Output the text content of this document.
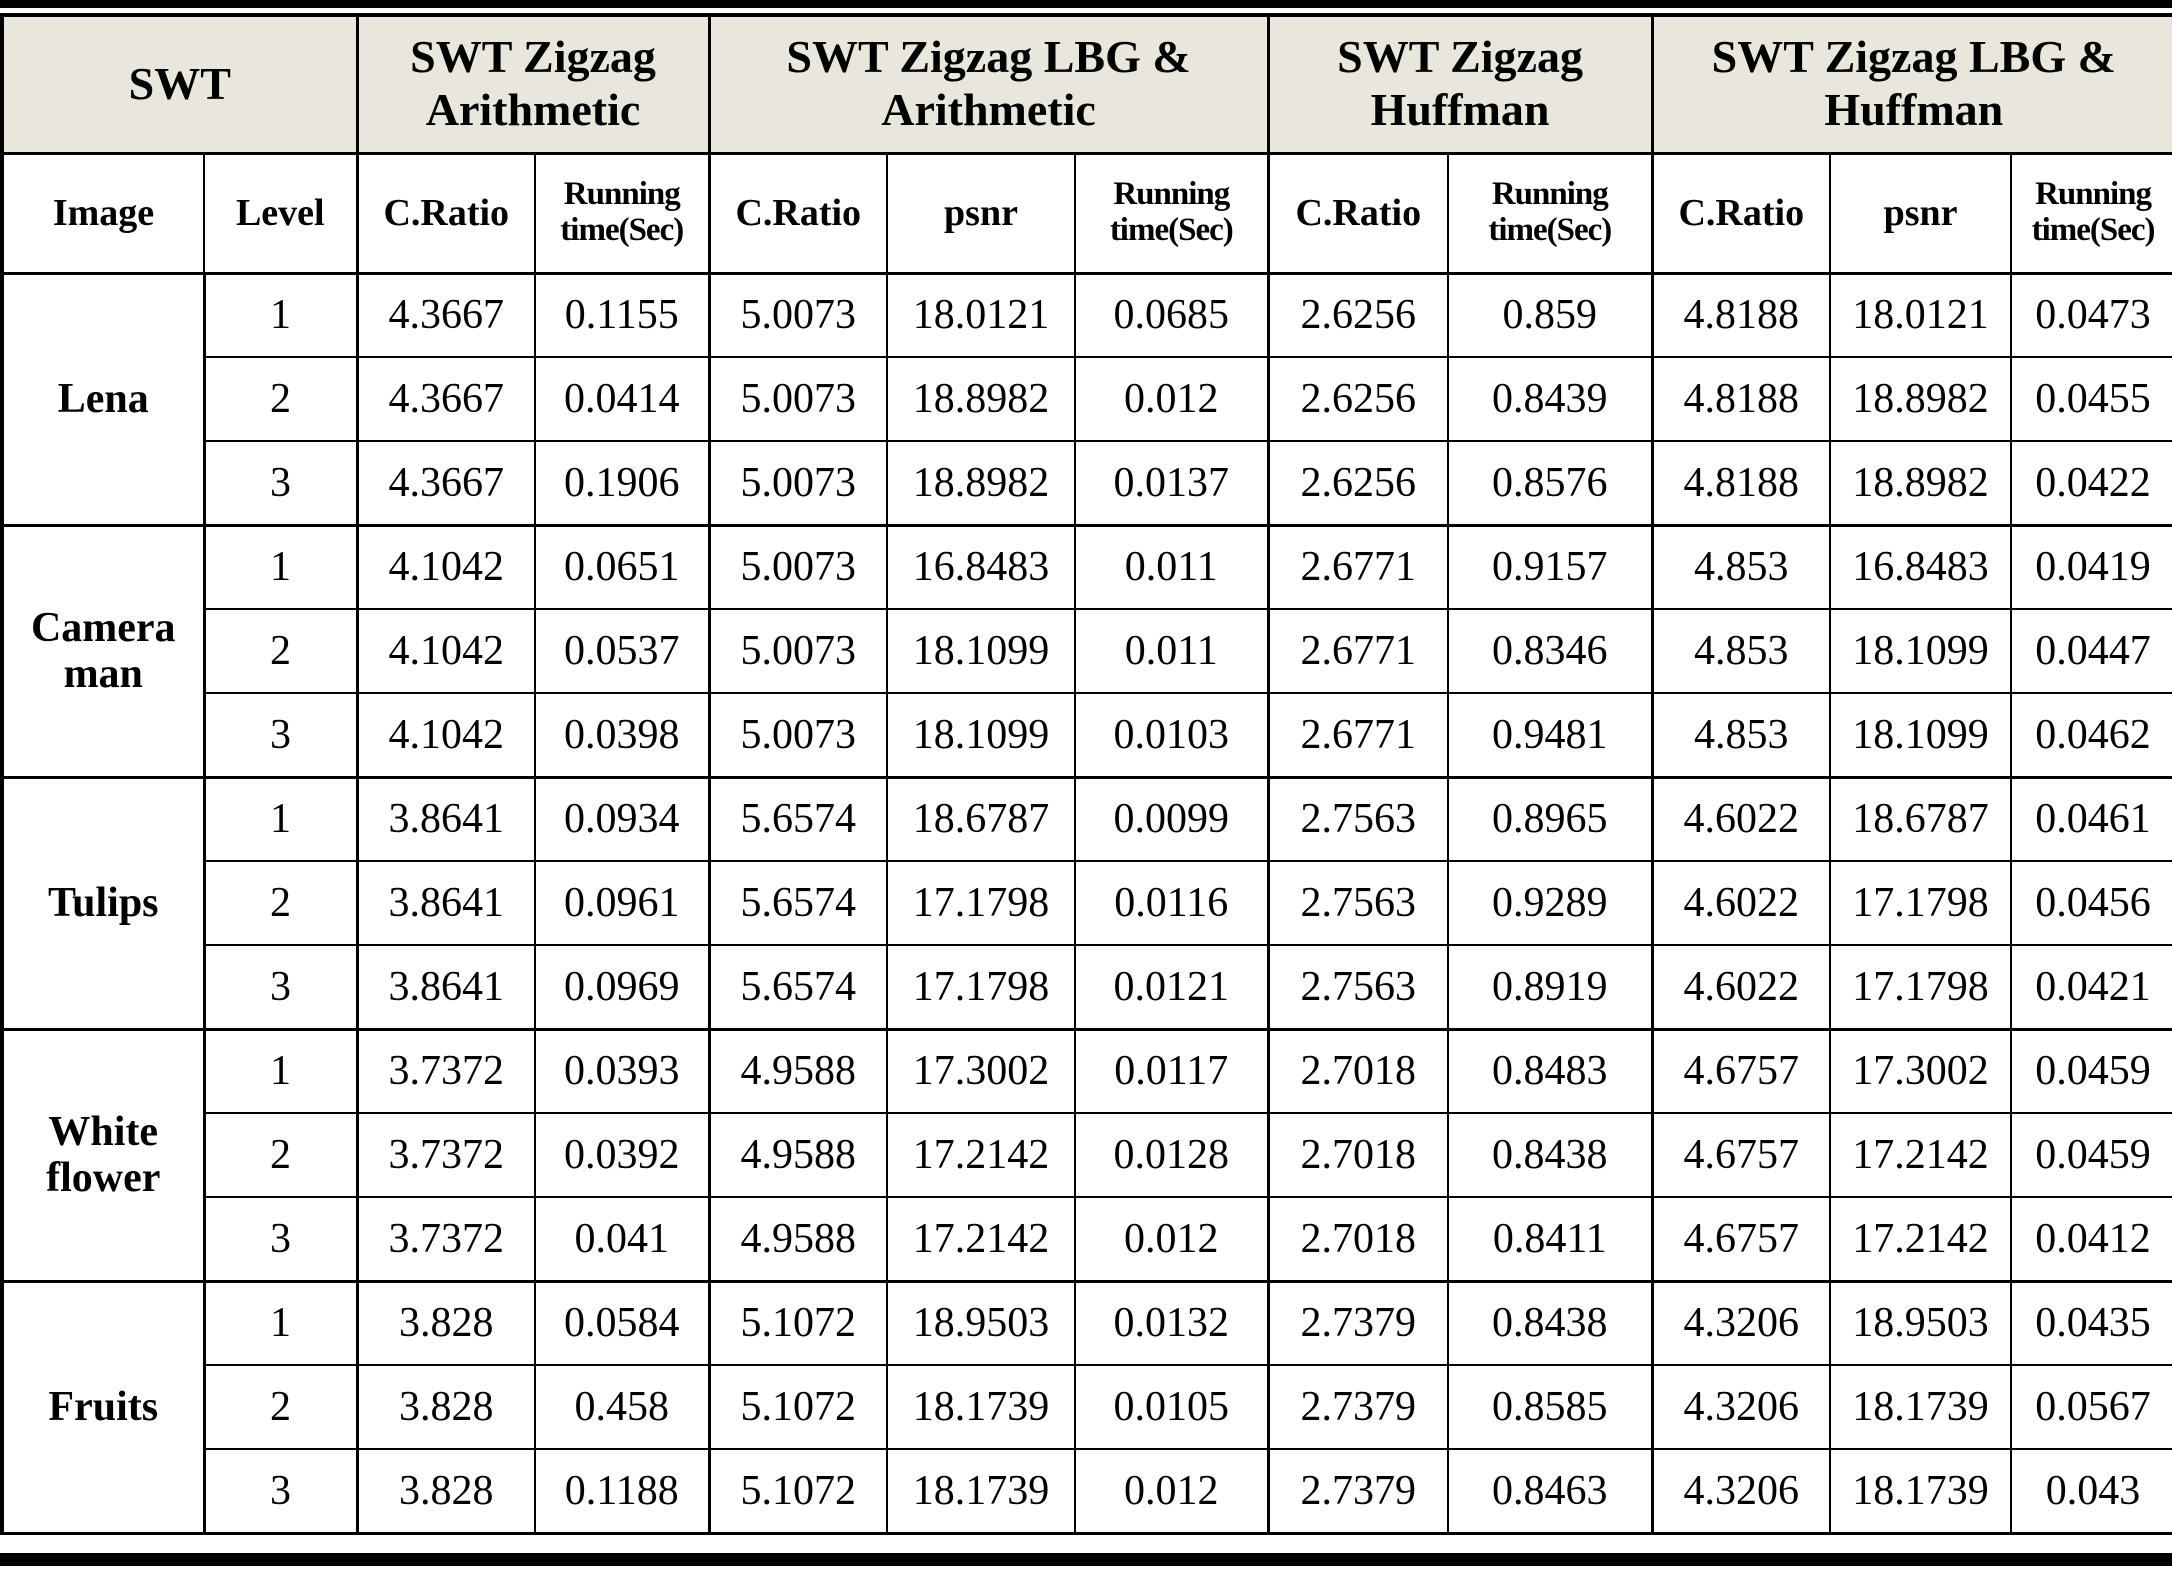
SWT		SWT Zigzag Arithmetic		SWT Zigzag LBG & Arithmetic			SWT Zigzag Huffman		SWT Zigzag LBG & Huffman		
Image	Level	C.Ratio	Running time(Sec)	C.Ratio	psnr	Running time(Sec)	C.Ratio	Running time(Sec)	C.Ratio	psnr	Running time(Sec)
Lena	1	4.3667	0.1155	5.0073	18.0121	0.0685	2.6256	0.859	4.8188	18.0121	0.0473
	2	4.3667	0.0414	5.0073	18.8982	0.012	2.6256	0.8439	4.8188	18.8982	0.0455
	3	4.3667	0.1906	5.0073	18.8982	0.0137	2.6256	0.8576	4.8188	18.8982	0.0422
Camera man	1	4.1042	0.0651	5.0073	16.8483	0.011	2.6771	0.9157	4.853	16.8483	0.0419
	2	4.1042	0.0537	5.0073	18.1099	0.011	2.6771	0.8346	4.853	18.1099	0.0447
	3	4.1042	0.0398	5.0073	18.1099	0.0103	2.6771	0.9481	4.853	18.1099	0.0462
Tulips	1	3.8641	0.0934	5.6574	18.6787	0.0099	2.7563	0.8965	4.6022	18.6787	0.0461
	2	3.8641	0.0961	5.6574	17.1798	0.0116	2.7563	0.9289	4.6022	17.1798	0.0456
	3	3.8641	0.0969	5.6574	17.1798	0.0121	2.7563	0.8919	4.6022	17.1798	0.0421
White flower	1	3.7372	0.0393	4.9588	17.3002	0.0117	2.7018	0.8483	4.6757	17.3002	0.0459
	2	3.7372	0.0392	4.9588	17.2142	0.0128	2.7018	0.8438	4.6757	17.2142	0.0459
	3	3.7372	0.041	4.9588	17.2142	0.012	2.7018	0.8411	4.6757	17.2142	0.0412
Fruits	1	3.828	0.0584	5.1072	18.9503	0.0132	2.7379	0.8438	4.3206	18.9503	0.0435
	2	3.828	0.458	5.1072	18.1739	0.0105	2.7379	0.8585	4.3206	18.1739	0.0567
	3	3.828	0.1188	5.1072	18.1739	0.012	2.7379	0.8463	4.3206	18.1739	0.043
